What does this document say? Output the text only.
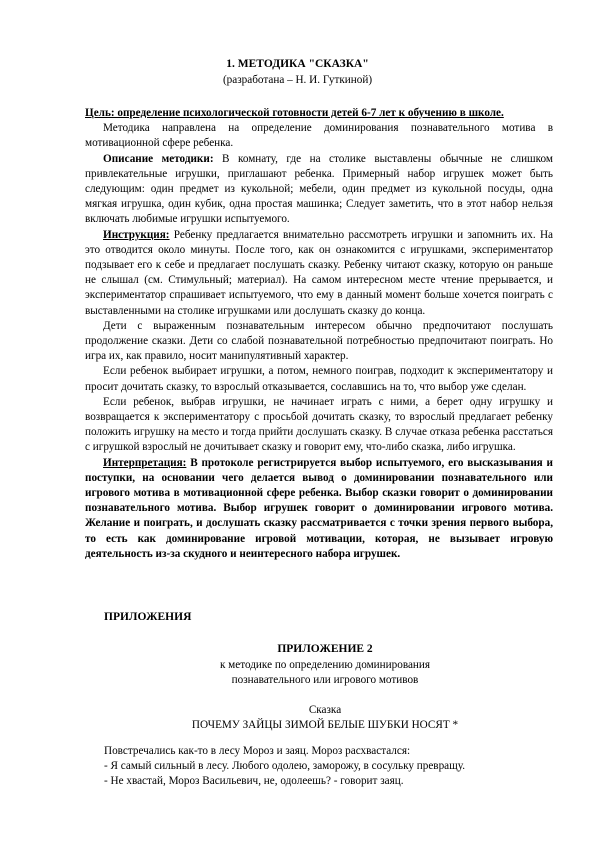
1. МЕТОДИКА "СКАЗКА"
(разработана – Н. И. Гуткиной)

Цель: определение психологической готовности детей 6-7 лет к обучению в школе.

Методика направлена на определение доминирования познавательного мотива в мотивационной сфере ребенка.

Описание методики: В комнату, где на столике выставлены обычные не слишком привлекательные игрушки, приглашают ребенка. Примерный набор игрушек может быть следующим: один предмет из кукольной; мебели, один предмет из кукольной посуды, одна мягкая игрушка, один кубик, одна простая машинка; Следует заметить, что в этот набор нельзя включать любимые игрушки испытуемого.

Инструкция: Ребенку предлагается внимательно рассмотреть игрушки и запомнить их. На это отводится около минуты. После того, как он ознакомится с игрушками, экспериментатор подзывает его к себе и предлагает послушать сказку. Ребенку читают сказку, которую он раньше не слышал (см. Стимульный; материал). На самом интересном месте чтение прерывается, и экспериментатор спрашивает испытуемого, что ему в данный момент больше хочется поиграть с выставленными на столике игрушками или дослушать сказку до конца.

Дети с выраженным познавательным интересом обычно предпочитают послушать продолжение сказки. Дети со слабой познавательной потребностью предпочитают поиграть. Но игра их, как правило, носит манипулятивный характер.

Если ребенок выбирает игрушки, а потом, немного поиграв, подходит к экспериментатору и просит дочитать сказку, то взрослый отказывается, сославшись на то, что выбор уже сделан.

Если ребенок, выбрав игрушки, не начинает играть с ними, а берет одну игрушку и возвращается к экспериментатору с просьбой дочитать сказку, то взрослый предлагает ребенку положить игрушку на место и тогда прийти дослушать сказку. В случае отказа ребенка расстаться с игрушкой взрослый не дочитывает сказку и говорит ему, что-либо сказка, либо игрушка.

Интерпретация: В протоколе регистрируется выбор испытуемого, его высказывания и поступки, на основании чего делается вывод о доминировании познавательного или игрового мотива в мотивационной сфере ребенка. Выбор сказки говорит о доминировании познавательного мотива. Выбор игрушек говорит о доминировании игрового мотива. Желание и поиграть, и дослушать сказку рассматривается с точки зрения первого выбора, то есть как доминирование игровой мотивации, которая, не вызывает игровую деятельность из-за скудного и неинтересного набора игрушек.

ПРИЛОЖЕНИЯ
ПРИЛОЖЕНИЕ 2
к методике по определению доминирования
познавательного или игрового мотивов
Сказка
ПОЧЕМУ ЗАЙЦЫ ЗИМОЙ БЕЛЫЕ ШУБКИ НОСЯТ *

Повстречались как-то в лесу Мороз и заяц. Мороз расхвастался:

- Я самый сильный в лесу. Любого одолею, заморожу, в сосульку превращу.

- Не хвастай, Мороз Васильевич, не, одолеешь? - говорит заяц.
